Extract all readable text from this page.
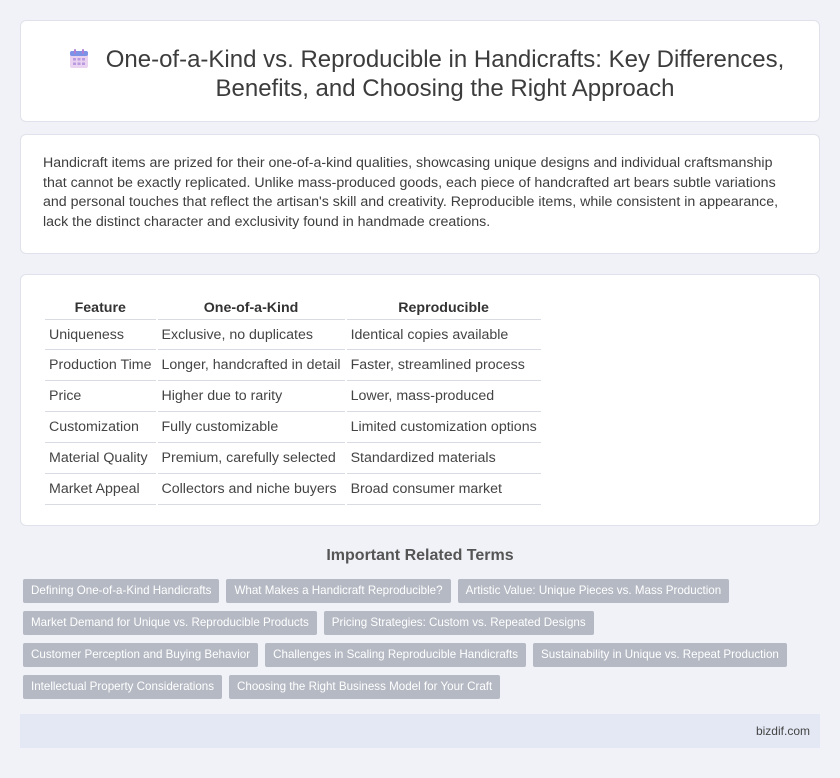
One-of-a-Kind vs. Reproducible in Handicrafts: Key Differences, Benefits, and Choosing the Right Approach

Handicraft items are prized for their one-of-a-kind qualities, showcasing unique designs and individual craftsmanship that cannot be exactly replicated. Unlike mass-produced goods, each piece of handcrafted art bears subtle variations and personal touches that reflect the artisan's skill and creativity. Reproducible items, while consistent in appearance, lack the distinct character and exclusivity found in handmade creations.

Feature	One-of-a-Kind	Reproducible
Uniqueness	Exclusive, no duplicates	Identical copies available
Production Time	Longer, handcrafted in detail	Faster, streamlined process
Price	Higher due to rarity	Lower, mass-produced
Customization	Fully customizable	Limited customization options
Material Quality	Premium, carefully selected	Standardized materials
Market Appeal	Collectors and niche buyers	Broad consumer market
Important Related Terms
Defining One-of-a-Kind Handicrafts	What Makes a Handicraft Reproducible?	Artistic Value: Unique Pieces vs. Mass Production
Market Demand for Unique vs. Reproducible Products	Pricing Strategies: Custom vs. Repeated Designs
Customer Perception and Buying Behavior	Challenges in Scaling Reproducible Handicrafts	Sustainability in Unique vs. Repeat Production
Intellectual Property Considerations	Choosing the Right Business Model for Your Craft
bizdif.com
